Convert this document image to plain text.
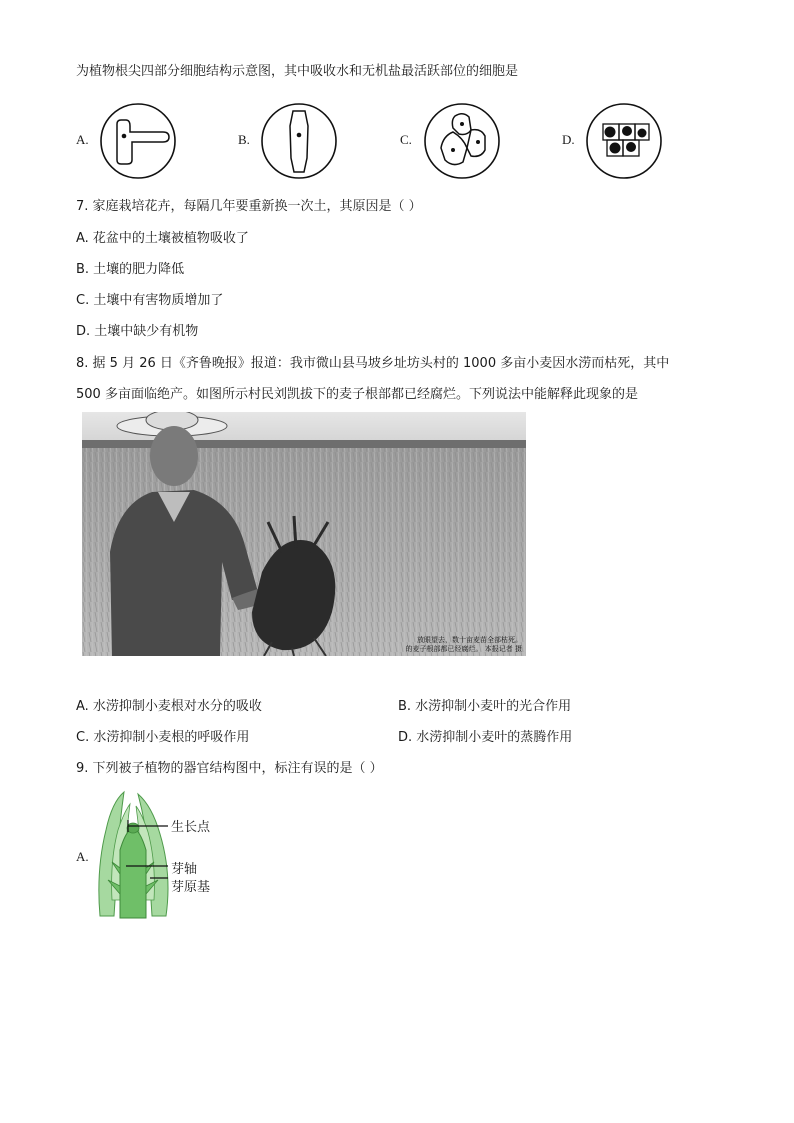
为植物根尖四部分细胞结构示意图，其中吸收水和无机盐最活跃部位的细胞是
A.	B.	C.	D.
7. 家庭栽培花卉，每隔几年要重新换一次土，其原因是（ ）
A. 花盆中的土壤被植物吸收了
B. 土壤的肥力降低
C. 土壤中有害物质增加了
D. 土壤中缺少有机物
8. 据 5 月 26 日《齐鲁晚报》报道：我市微山县马坡乡址坊头村的 1000 多亩小麦因水涝而枯死，其中
500 多亩面临绝产。如图所示村民刘凯拔下的麦子根部都已经腐烂。下列说法中能解释此现象的是
放眼望去，数十亩麦苗全部枯死。
的麦子根部都已经腐烂。 本报记者 摄
A. 水涝抑制小麦根对水分的吸收	B. 水涝抑制小麦叶的光合作用
C. 水涝抑制小麦根的呼吸作用	D. 水涝抑制小麦叶的蒸腾作用
9. 下列被子植物的器官结构图中，标注有误的是（ ）
A.
生长点
芽轴
芽原基
